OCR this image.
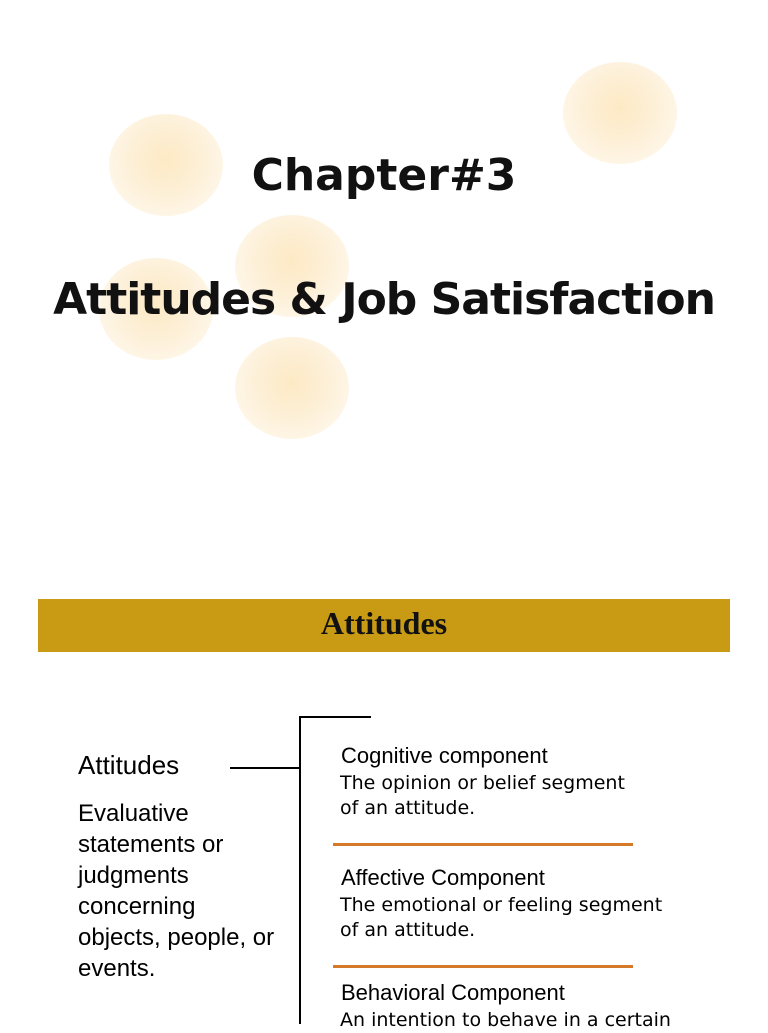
Chapter#3
Attitudes & Job Satisfaction
Attitudes
Attitudes
Evaluative statements or judgments concerning objects, people, or events.
Cognitive component
The opinion or belief segment
of an attitude.
Affective Component
The emotional or feeling segment
of an attitude.
Behavioral Component
An intention to behave in a certain
